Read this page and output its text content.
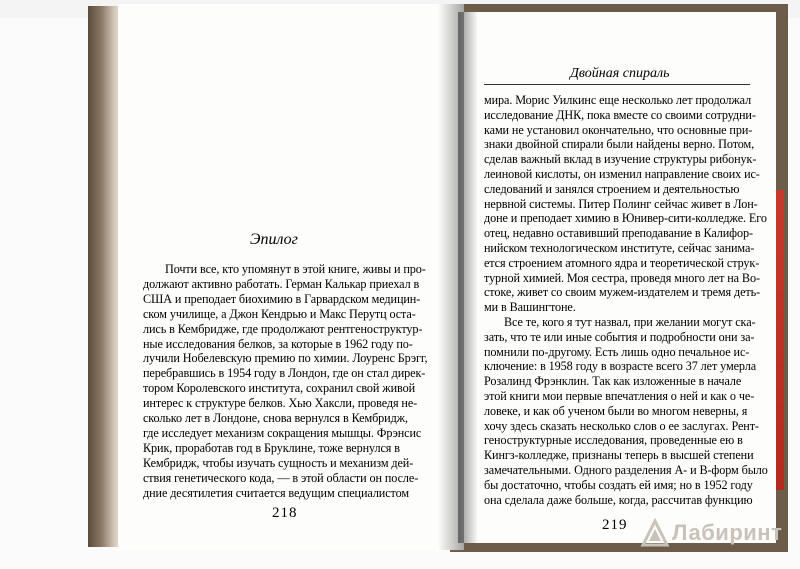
Эпилог
Почти все, кто упомянут в этой книге, живы и про-
должают активно работать. Герман Калькар приехал в
США и преподает биохимию в Гарвардском медицин-
ском училище, а Джон Кендрью и Макс Перутц оста-
лись в Кембридже, где продолжают рентгеноструктур-
ные исследования белков, за которые в 1962 году по-
лучили Нобелевскую премию по химии. Лоуренс Брэгг,
перебравшись в 1954 году в Лондон, где он стал дирек-
тором Королевского института, сохранил свой живой
интерес к структуре белков. Хью Хаксли, проведя не-
сколько лет в Лондоне, снова вернулся в Кембридж,
где исследует механизм сокращения мышцы. Фрэнсис
Крик, проработав год в Бруклине, тоже вернулся в
Кембридж, чтобы изучать сущность и механизм дей-
ствия генетического кода, — в этой области он после-
дние десятилетия считается ведущим специалистом
218
Двойная спираль
мира. Морис Уилкинс еще несколько лет продолжал
исследование ДНК, пока вместе со своими сотрудни-
ками не установил окончательно, что основные при-
знаки двойной спирали были найдены верно. Потом,
сделав важный вклад в изучение структуры рибонук-
леиновой кислоты, он изменил направление своих ис-
следований и занялся строением и деятельностью
нервной системы. Питер Полинг сейчас живет в Лон-
доне и преподает химию в Юнивер-сити-колледже. Его
отец, недавно оставивший преподавание в Калифор-
нийском технологическом институте, сейчас занима-
ется строением атомного ядра и теоретической струк-
турной химией. Моя сестра, проведя много лет на Во-
стоке, живет со своим мужем-издателем и тремя деть-
ми в Вашингтоне.
Все те, кого я тут назвал, при желании могут ска-
зать, что те или иные события и подробности они за-
помнили по-другому. Есть лишь одно печальное ис-
ключение: в 1958 году в возрасте всего 37 лет умерла
Розалинд Фрэнклин. Так как изложенные в начале
этой книги мои первые впечатления о ней и как о че-
ловеке, и как об ученом были во многом неверны, я
хочу здесь сказать несколько слов о ее заслугах. Рент-
геноструктурные исследования, проведенные ею в
Кингз-колледже, признаны теперь в высшей степени
замечательными. Одного разделения А- и В-форм было
бы достаточно, чтобы создать ей имя; но в 1952 году
она сделала даже больше, когда, рассчитав функцию
219 Лабиринт
